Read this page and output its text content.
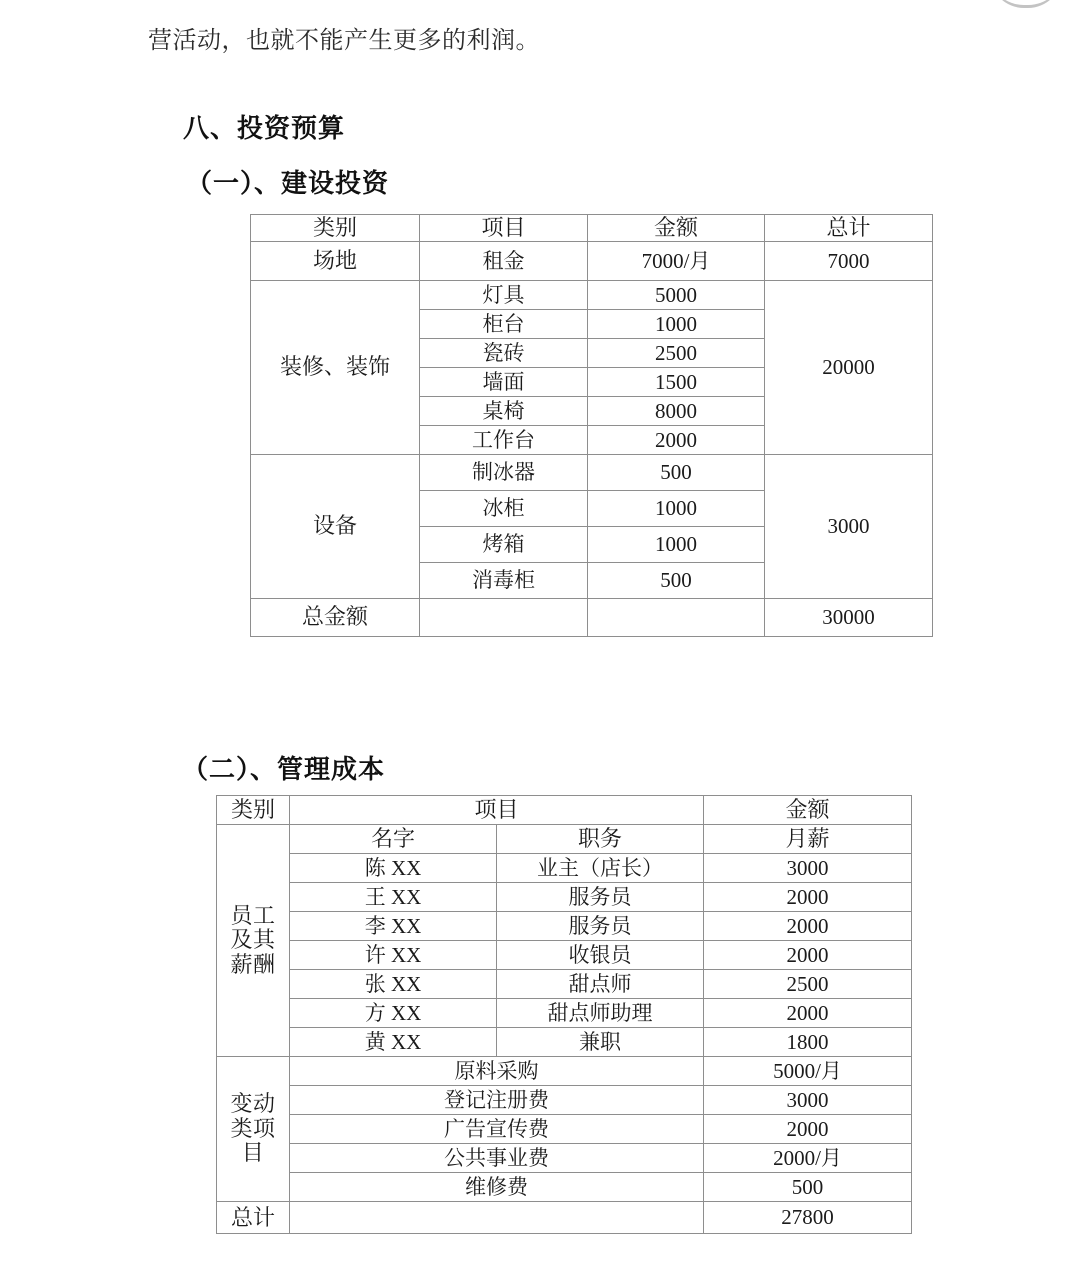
营活动，也就不能产生更多的利润。
八、投资预算
（一）、建设投资
类别	项目	金额	总计
场地	租金	7000/月	7000
装修、装饰	灯具	5000	20000
	柜台	1000	
	瓷砖	2500	
	墙面	1500	
	桌椅	8000	
	工作台	2000	
设备	制冰器	500	3000
	冰柜	1000	
	烤箱	1000	
	消毒柜	500	
总金额			30000
（二）、管理成本
类别	项目		金额

员工
及其
薪酬	名字	职务	月薪
	陈 XX	业主（店长）	3000
	王 XX	服务员	2000
	李 XX	服务员	2000
	许 XX	收银员	2000
	张 XX	甜点师	2500
	方 XX	甜点师助理	2000
	黄 XX	兼职	1800

变动
类项
目	原料采购		5000/月
	登记注册费		3000
	广告宣传费		2000
	公共事业费		2000/月
	维修费		500
总计			27800
